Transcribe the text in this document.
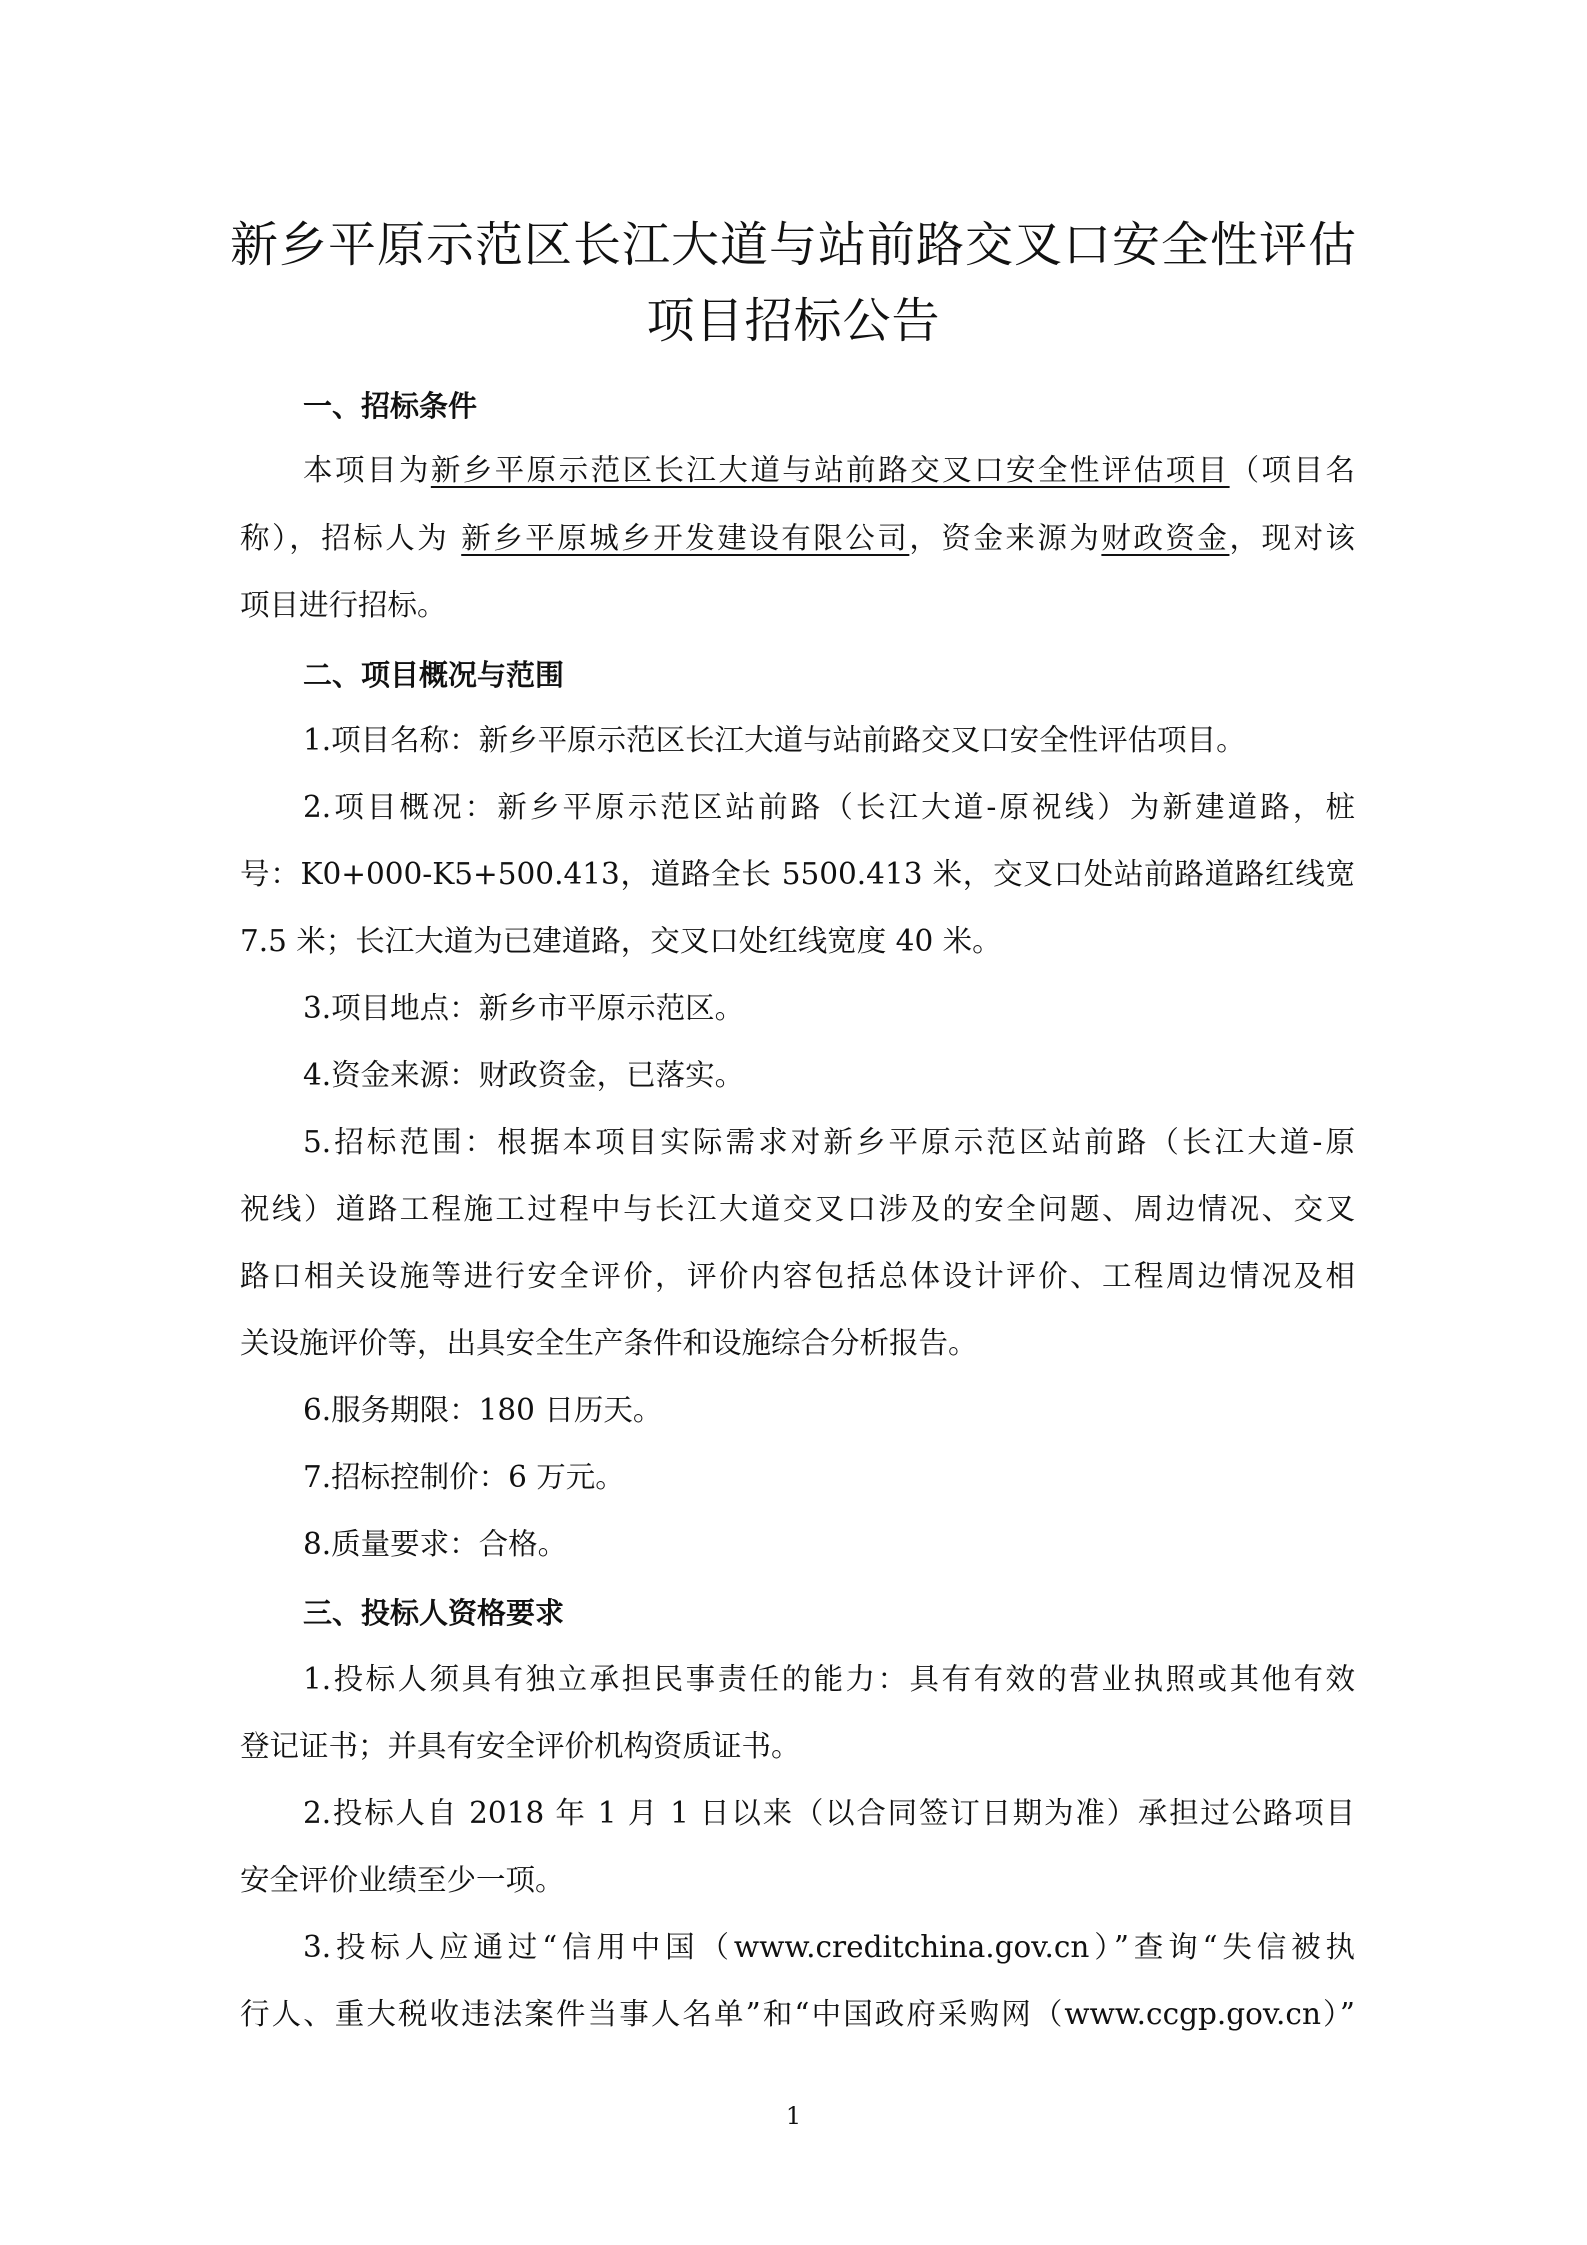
新乡平原示范区长江大道与站前路交叉口安全性评估
项目招标公告
一、招标条件
本项目为新乡平原示范区长江大道与站前路交叉口安全性评估项目（项目名
称），招标人为 新乡平原城乡开发建设有限公司，资金来源为财政资金，现对该
项目进行招标。
二、项目概况与范围
1.项目名称：新乡平原示范区长江大道与站前路交叉口安全性评估项目。
2.项目概况：新乡平原示范区站前路（长江大道-原祝线）为新建道路，桩
号：K0+000-K5+500.413，道路全长 5500.413 米，交叉口处站前路道路红线宽
7.5 米；长江大道为已建道路，交叉口处红线宽度 40 米。
3.项目地点：新乡市平原示范区。
4.资金来源：财政资金，已落实。
5.招标范围：根据本项目实际需求对新乡平原示范区站前路（长江大道-原
祝线）道路工程施工过程中与长江大道交叉口涉及的安全问题、周边情况、交叉
路口相关设施等进行安全评价，评价内容包括总体设计评价、工程周边情况及相
关设施评价等，出具安全生产条件和设施综合分析报告。
6.服务期限：180 日历天。
7.招标控制价：6 万元。
8.质量要求：合格。
三、投标人资格要求
1.投标人须具有独立承担民事责任的能力：具有有效的营业执照或其他有效
登记证书；并具有安全评价机构资质证书。
2.投标人自 2018 年 1 月 1 日以来（以合同签订日期为准）承担过公路项目
安全评价业绩至少一项。
3.投标人应通过“信用中国（www.creditchina.gov.cn）”查询“失信被执
行人、重大税收违法案件当事人名单”和“中国政府采购网（www.ccgp.gov.cn）”
1
